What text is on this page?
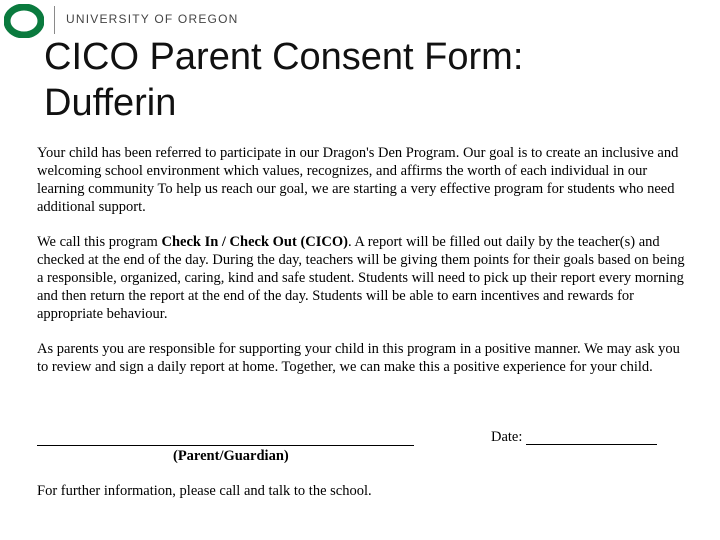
UNIVERSITY OF OREGON
CICO Parent Consent Form:
Dufferin

Your child has been referred to participate in our Dragon's Den Program. Our goal is to create an inclusive and welcoming school environment which values, recognizes, and affirms the worth of each individual in our learning community To help us reach our goal, we are starting a very effective program for students who need additional support.

We call this program Check In / Check Out (CICO). A report will be filled out daily by the teacher(s) and checked at the end of the day. During the day, teachers will be giving them points for their goals based on being a responsible, organized, caring, kind and safe student. Students will need to pick up their report every morning and then return the report at the end of the day. Students will be able to earn incentives and rewards for appropriate behaviour.

As parents you are responsible for supporting your child in this program in a positive manner. We may ask you to review and sign a daily report at home. Together, we can make this a positive experience for your child.

(Parent/Guardian)
Date:
For further information, please call and talk to the school.
